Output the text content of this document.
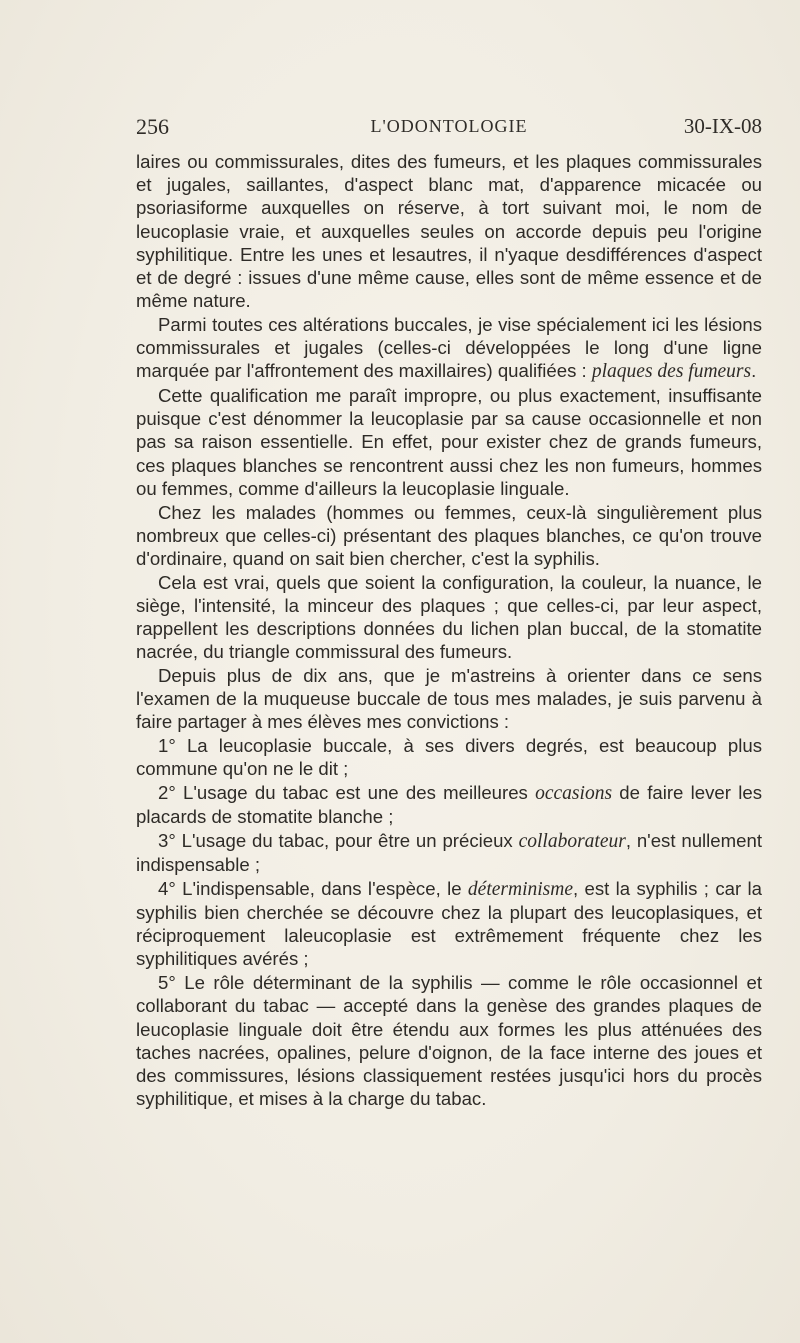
256	L'ODONTOLOGIE	30-IX-08

laires ou commissurales, dites des fumeurs, et les plaques commissurales et jugales, saillantes, d'aspect blanc mat, d'apparence micacée ou psoriasiforme auxquelles on réserve, à tort suivant moi, le nom de leucoplasie vraie, et auxquelles seules on accorde depuis peu l'origine syphilitique. Entre les unes et lesautres, il n'yaque desdifférences d'aspect et de degré : issues d'une même cause, elles sont de même essence et de même nature.

Parmi toutes ces altérations buccales, je vise spécialement ici les lésions commissurales et jugales (celles-ci développées le long d'une ligne marquée par l'affrontement des maxillaires) qualifiées : plaques des fumeurs.

Cette qualification me paraît impropre, ou plus exactement, insuffisante puisque c'est dénommer la leucoplasie par sa cause occasionnelle et non pas sa raison essentielle. En effet, pour exister chez de grands fumeurs, ces plaques blanches se rencontrent aussi chez les non fumeurs, hommes ou femmes, comme d'ailleurs la leucoplasie linguale.

Chez les malades (hommes ou femmes, ceux-là singulièrement plus nombreux que celles-ci) présentant des plaques blanches, ce qu'on trouve d'ordinaire, quand on sait bien chercher, c'est la syphilis.

Cela est vrai, quels que soient la configuration, la couleur, la nuance, le siège, l'intensité, la minceur des plaques ; que celles-ci, par leur aspect, rappellent les descriptions données du lichen plan buccal, de la stomatite nacrée, du triangle commissural des fumeurs.

Depuis plus de dix ans, que je m'astreins à orienter dans ce sens l'examen de la muqueuse buccale de tous mes malades, je suis parvenu à faire partager à mes élèves mes convictions :

1° La leucoplasie buccale, à ses divers degrés, est beaucoup plus commune qu'on ne le dit ;

2° L'usage du tabac est une des meilleures occasions de faire lever les placards de stomatite blanche ;

3° L'usage du tabac, pour être un précieux collaborateur, n'est nullement indispensable ;

4° L'indispensable, dans l'espèce, le déterminisme, est la syphilis ; car la syphilis bien cherchée se découvre chez la plupart des leucoplasiques, et réciproquement laleucoplasie est extrêmement fréquente chez les syphilitiques avérés ;

5° Le rôle déterminant de la syphilis — comme le rôle occasionnel et collaborant du tabac — accepté dans la genèse des grandes plaques de leucoplasie linguale doit être étendu aux formes les plus atténuées des taches nacrées, opalines, pelure d'oignon, de la face interne des joues et des commissures, lésions classiquement restées jusqu'ici hors du procès syphilitique, et mises à la charge du tabac.
